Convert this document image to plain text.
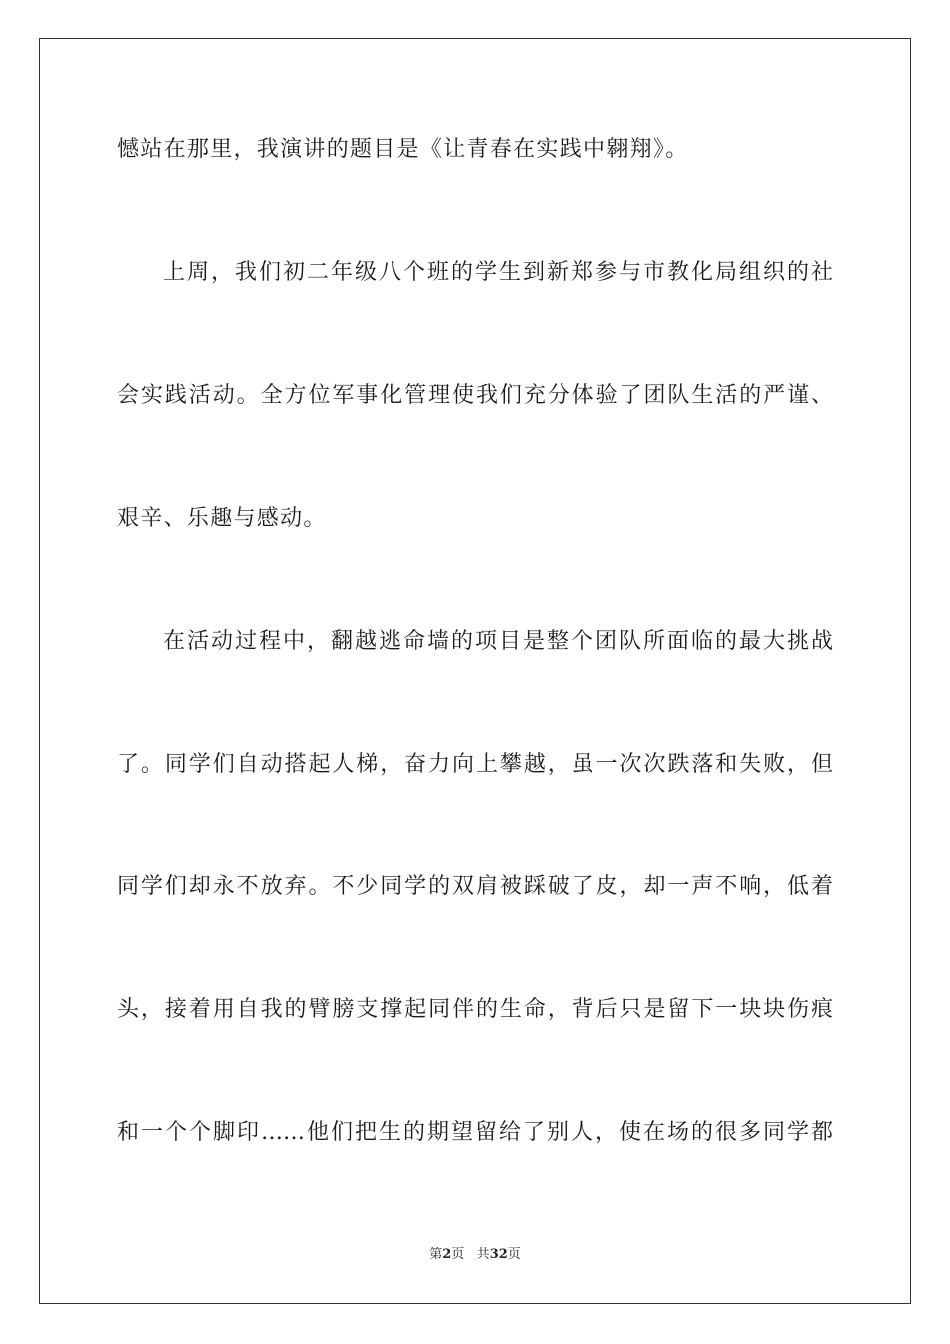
憾站在那里，我演讲的题目是《让青春在实践中翱翔》。
上周，我们初二年级八个班的学生到新郑参与市教化局组织的社
会实践活动。全方位军事化管理使我们充分体验了团队生活的严谨、
艰辛、乐趣与感动。
在活动过程中，翻越逃命墙的项目是整个团队所面临的最大挑战
了。同学们自动搭起人梯，奋力向上攀越，虽一次次跌落和失败，但
同学们却永不放弃。不少同学的双肩被踩破了皮，却一声不响，低着
头，接着用自我的臂膀支撑起同伴的生命，背后只是留下一块块伤痕
和一个个脚印……他们把生的期望留给了别人，使在场的很多同学都
第2页 共32页
